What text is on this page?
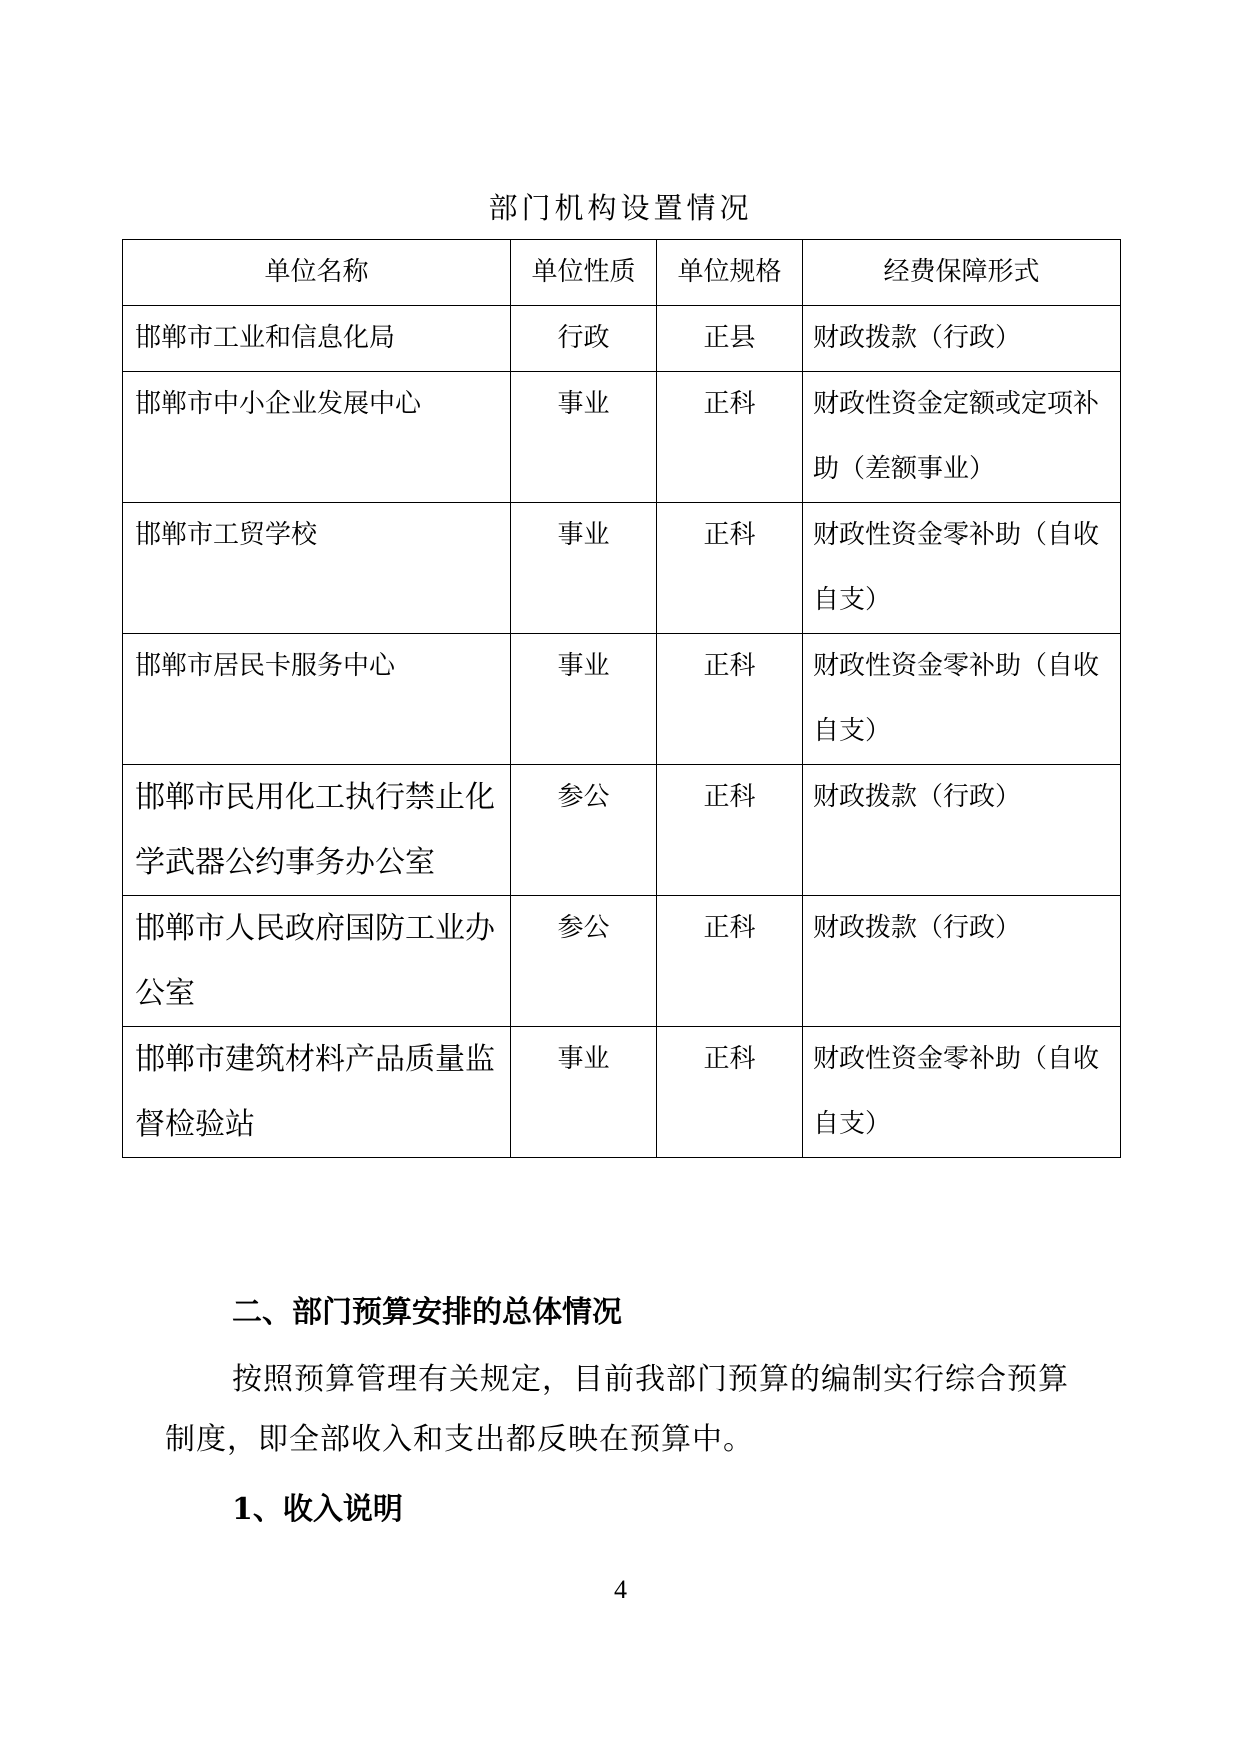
部门机构设置情况
单位名称	单位性质	单位规格	经费保障形式
邯郸市工业和信息化局	行政	正县	财政拨款（行政）
邯郸市中小企业发展中心	事业	正科	财政性资金定额或定项补助（差额事业）
邯郸市工贸学校	事业	正科	财政性资金零补助（自收自支）
邯郸市居民卡服务中心	事业	正科	财政性资金零补助（自收自支）
邯郸市民用化工执行禁止化学武器公约事务办公室	参公	正科	财政拨款（行政）
邯郸市人民政府国防工业办公室	参公	正科	财政拨款（行政）
邯郸市建筑材料产品质量监督检验站	事业	正科	财政性资金零补助（自收自支）
二、部门预算安排的总体情况
按照预算管理有关规定，目前我部门预算的编制实行综合预算制度，即全部收入和支出都反映在预算中。
1、收入说明
4
